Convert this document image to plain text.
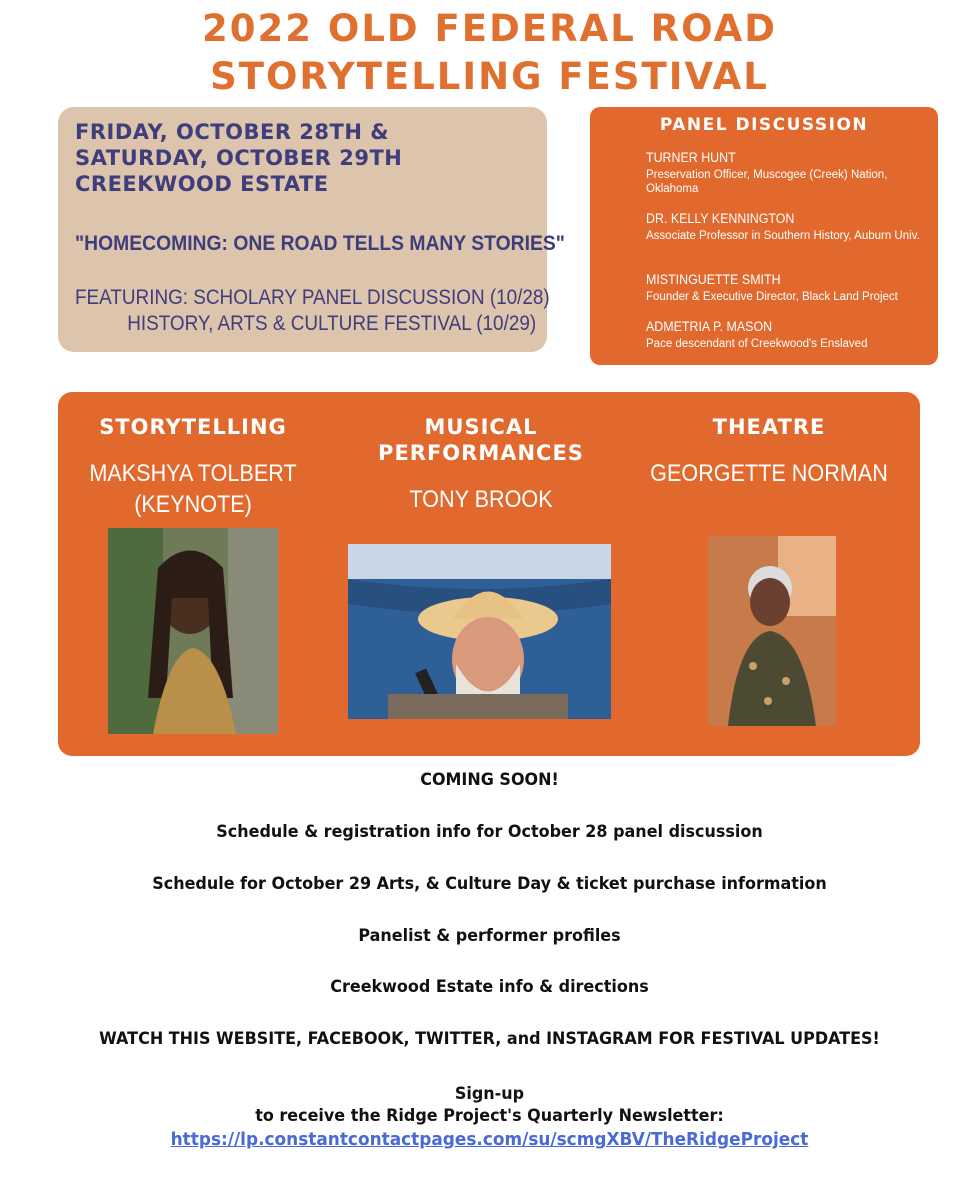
2022 OLD FEDERAL ROAD
STORYTELLING FESTIVAL
FRIDAY, OCTOBER 28TH &
SATURDAY, OCTOBER 29TH
CREEKWOOD ESTATE
"HOMECOMING: ONE ROAD TELLS MANY STORIES"
FEATURING: SCHOLARY PANEL DISCUSSION (10/28)
HISTORY, ARTS & CULTURE FESTIVAL (10/29)
PANEL DISCUSSION
TURNER HUNT
Preservation Officer, Muscogee (Creek) Nation, Oklahoma
DR. KELLY KENNINGTON
Associate Professor in Southern History, Auburn Univ.
MISTINGUETTE SMITH
Founder & Executive Director, Black Land Project
ADMETRIA P. MASON
Pace descendant of Creekwood's Enslaved
STORYTELLING
MAKSHYA TOLBERT
(KEYNOTE)
MUSICAL
PERFORMANCES
TONY BROOK
THEATRE
GEORGETTE NORMAN
COMING SOON!
Schedule & registration info for October 28 panel discussion
Schedule for October 29 Arts, & Culture Day & ticket purchase information
Panelist & performer profiles
Creekwood Estate info & directions
WATCH THIS WEBSITE, FACEBOOK, TWITTER, and INSTAGRAM FOR FESTIVAL UPDATES!
Sign-up
to receive the Ridge Project's Quarterly Newsletter:
https://lp.constantcontactpages.com/su/scmgXBV/TheRidgeProject
